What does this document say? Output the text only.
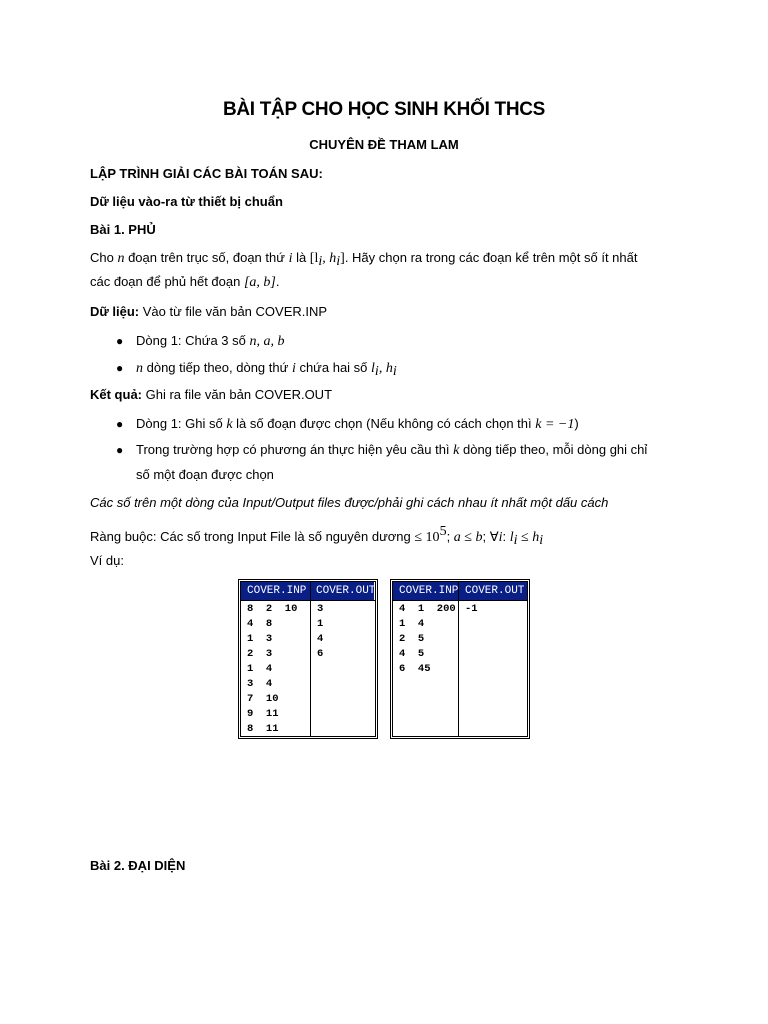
BÀI TẬP CHO HỌC SINH KHỐI THCS
CHUYÊN ĐỀ THAM LAM
LẬP TRÌNH GIẢI CÁC BÀI TOÁN SAU:
Dữ liệu vào-ra từ thiết bị chuẩn
Bài 1. PHỦ
Cho n đoạn trên trục số, đoạn thứ i là [$l_i$, $h_i$]. Hãy chọn ra trong các đoạn kể trên một số ít nhất
các đoạn để phủ hết đoạn [a, b].
Dữ liệu: Vào từ file văn bản COVER.INP
● Dòng 1: Chứa 3 số n, a, b
● n dòng tiếp theo, dòng thứ i chứa hai số $l_i$, $h_i$
Kết quả: Ghi ra file văn bản COVER.OUT
● Dòng 1: Ghi số k là số đoạn được chọn (Nếu không có cách chọn thì k = −1)
● Trong trường hợp có phương án thực hiện yêu cầu thì k dòng tiếp theo, mỗi dòng ghi chỉ
số một đoạn được chọn
Các số trên một dòng của Input/Output files được/phải ghi cách nhau ít nhất một dấu cách
Ràng buộc: Các số trong Input File là số nguyên dương ≤ $10^5$; a ≤ b; ∀i: $l_i \le h_i$
Ví dụ:
COVER.INP COVER.OUT
8  2  10
4  8
1  3
2  3
1  4
3  4
7  10
9  11
8  11
3
1
4
6
COVER.INP COVER.OUT
4  1  200
1  4
2  5
4  5
6  45
-1
Bài 2. ĐẠI DIỆN
